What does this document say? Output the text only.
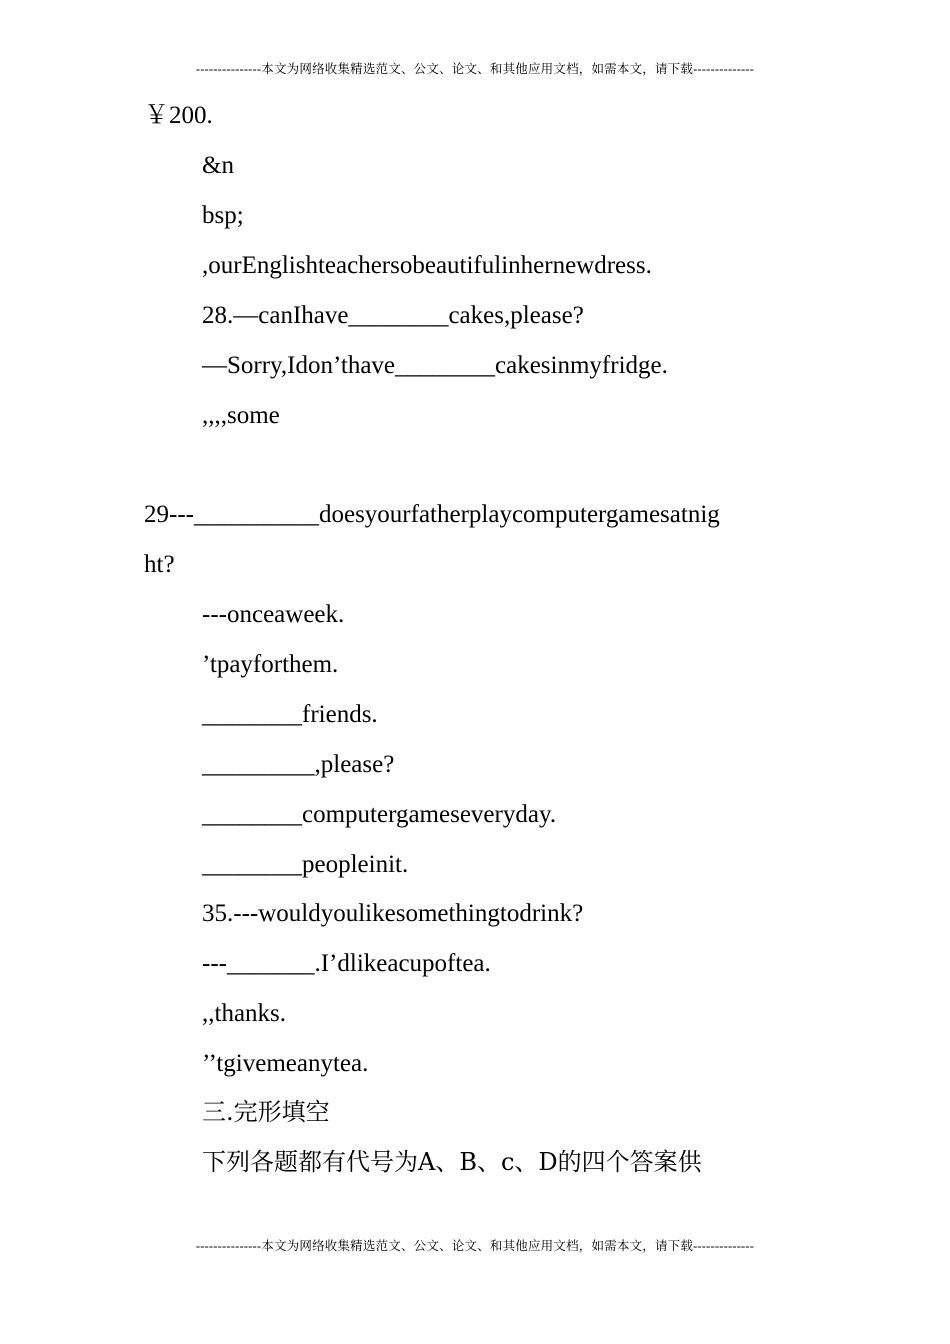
---------------本文为网络收集精选范文、公文、论文、和其他应用文档，如需本文，请下载--------------
￥200.
&n
bsp;
,ourEnglishteachersobeautifulinhernewdress.
28.—canIhave________cakes,please?
—Sorry,Idon’thave________cakesinmyfridge.
,,,,some
29---__________doesyourfatherplaycomputergamesatnig
ht?
---onceaweek.
’tpayforthem.
________friends.
_________,please?
________computergameseveryday.
________peopleinit.
35.---wouldyoulikesomethingtodrink?
---_______.I’dlikeacupoftea.
,,thanks.
’’tgivemeanytea.
三.完形填空
下列各题都有代号为A、B、c、D的四个答案供
---------------本文为网络收集精选范文、公文、论文、和其他应用文档，如需本文，请下载--------------
